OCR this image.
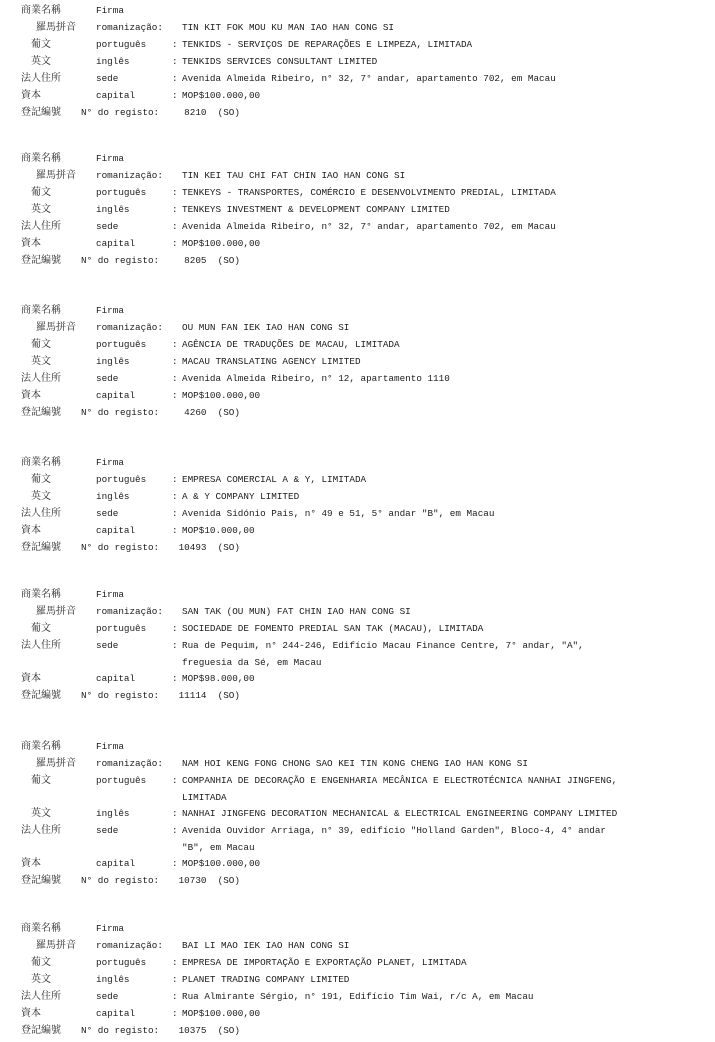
商業名稱	Firma
羅馬拼音 romanização: TIN KIT FOK MOU KU MAN IAO HAN CONG SI
葡文	português	: TENKIDS - SERVIÇOS DE REPARAÇÕES E LIMPEZA, LIMITADA
英文	inglês	: TENKIDS SERVICES CONSULTANT LIMITED
法人住所	sede	: Avenida Almeida Ribeiro, n° 32, 7° andar, apartamento 702, em Macau
資本	capital	: MOP$100.000,00
登記編號 N° do registo: 8210  (SO)
商業名稱	Firma
羅馬拼音 romanização: TIN KEI TAU CHI FAT CHIN IAO HAN CONG SI
葡文	português	: TENKEYS - TRANSPORTES, COMÉRCIO E DESENVOLVIMENTO PREDIAL, LIMITADA
英文	inglês	: TENKEYS INVESTMENT & DEVELOPMENT COMPANY LIMITED
法人住所	sede	: Avenida Almeida Ribeiro, n° 32, 7° andar, apartamento 702, em Macau
資本	capital	: MOP$100.000,00
登記編號 N° do registo: 8205  (SO)
商業名稱	Firma
羅馬拼音 romanização: OU MUN FAN IEK IAO HAN CONG SI
葡文	português	: AGÊNCIA DE TRADUÇÕES DE MACAU, LIMITADA
英文	inglês	: MACAU TRANSLATING AGENCY LIMITED
法人住所	sede	: Avenida Almeida Ribeiro, n° 12, apartamento 1110
資本	capital	: MOP$100.000,00
登記編號 N° do registo: 4260  (SO)
商業名稱	Firma
葡文	português	: EMPRESA COMERCIAL A & Y, LIMITADA
英文	inglês	: A & Y COMPANY LIMITED
法人住所	sede	: Avenida Sidónio Pais, n° 49 e 51, 5° andar "B", em Macau
資本	capital	: MOP$10.000,00
登記編號 N° do registo: 10493  (SO)
商業名稱	Firma
羅馬拼音 romanização: SAN TAK (OU MUN) FAT CHIN IAO HAN CONG SI
葡文	português	: SOCIEDADE DE FOMENTO PREDIAL SAN TAK (MACAU), LIMITADA
法人住所	sede	: Rua de Pequim, n° 244-246, Edifício Macau Finance Centre, 7° andar, "A",
freguesia da Sé, em Macau
資本	capital	: MOP$98.000,00
登記編號 N° do registo: 11114  (SO)
商業名稱	Firma
羅馬拼音 romanização: NAM HOI KENG FONG CHONG SAO KEI TIN KONG CHENG IAO HAN KONG SI
葡文	português	: COMPANHIA DE DECORAÇÃO E ENGENHARIA MECÂNICA E ELECTROTÉCNICA NANHAI JINGFENG,
LIMITADA
英文	inglês	: NANHAI JINGFENG DECORATION MECHANICAL & ELECTRICAL ENGINEERING COMPANY LIMITED
法人住所	sede	: Avenida Ouvidor Arriaga, n° 39, edifício "Holland Garden", Bloco-4, 4° andar
"B", em Macau
資本	capital	: MOP$100.000,00
登記編號 N° do registo: 10730  (SO)
商業名稱	Firma
羅馬拼音 romanização: BAI LI MAO IEK IAO HAN CONG SI
葡文	português	: EMPRESA DE IMPORTAÇÃO E EXPORTAÇÃO PLANET, LIMITADA
英文	inglês	: PLANET TRADING COMPANY LIMITED
法人住所	sede	: Rua Almirante Sérgio, n° 191, Edifício Tim Wai, r/c A, em Macau
資本	capital	: MOP$100.000,00
登記編號 N° do registo: 10375  (SO)
